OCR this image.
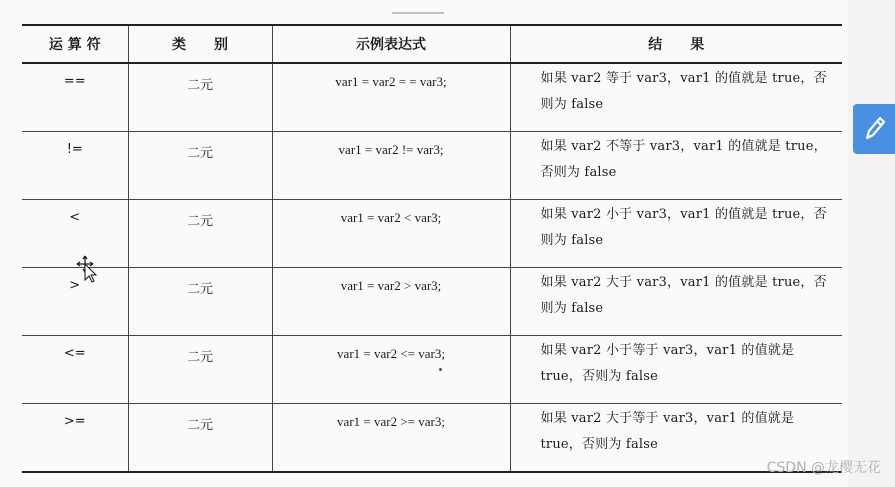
运 算 符	类　　别	示例表达式	结　　果
==	二元	var1 = var2 = = var3;	如果 var2 等于 var3，var1 的值就是 true，否则为 false
!=	二元	var1 = var2 != var3;	如果 var2 不等于 var3，var1 的值就是 true，否则为 false
<	二元	var1 = var2 < var3;	如果 var2 小于 var3，var1 的值就是 true，否则为 false
>	二元	var1 = var2 > var3;	如果 var2 大于 var3，var1 的值就是 true，否则为 false
<=	二元	var1 = var2 <= var3;	如果 var2 小于等于 var3，var1 的值就是 true，否则为 false
>=	二元	var1 = var2 >= var3;	如果 var2 大于等于 var3，var1 的值就是 true，否则为 false
CSDN @龙樱无花
